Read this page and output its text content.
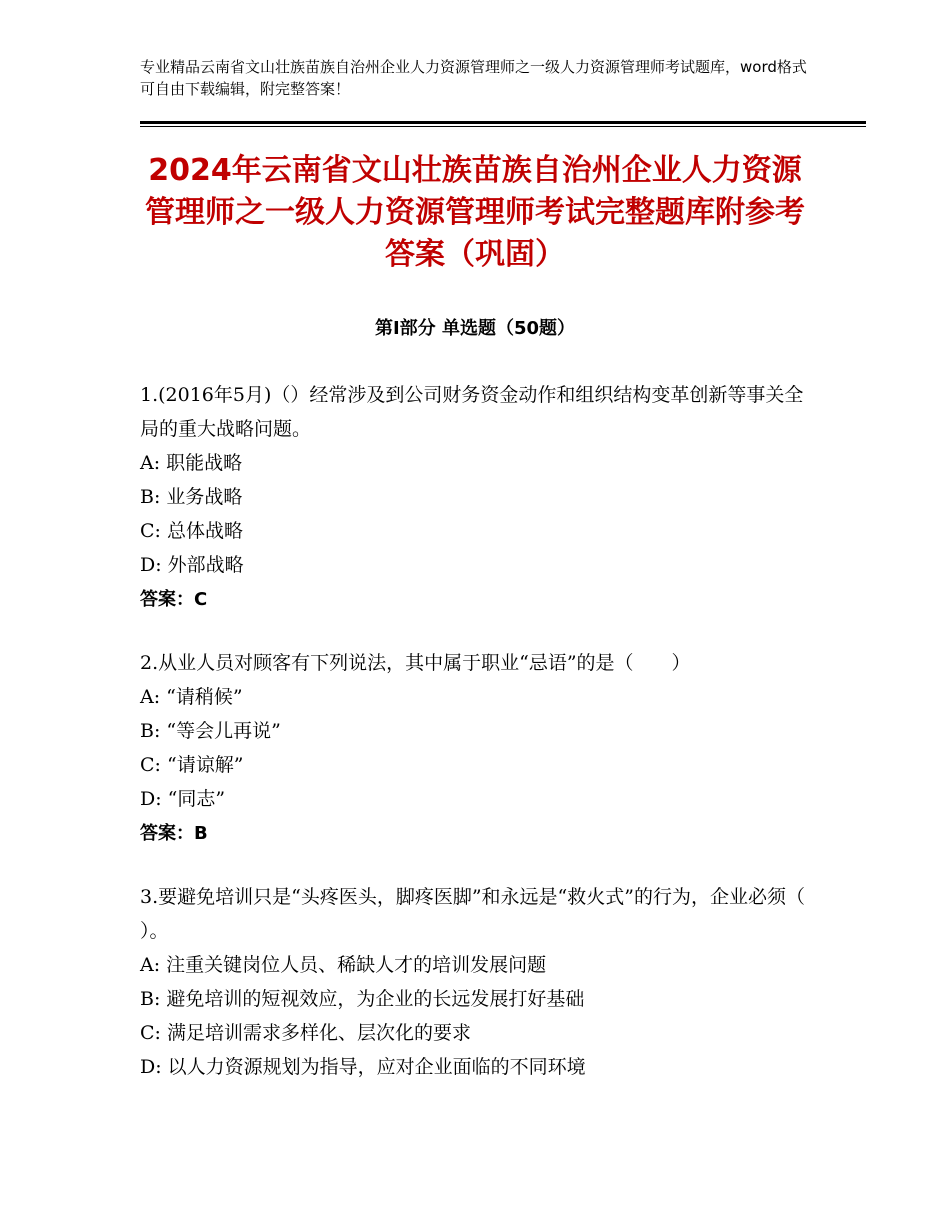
专业精品云南省文山壮族苗族自治州企业人力资源管理师之一级人力资源管理师考试题库，word格式可自由下载编辑，附完整答案！
2024年云南省文山壮族苗族自治州企业人力资源管理师之一级人力资源管理师考试完整题库附参考答案（巩固）
第Ⅰ部分 单选题（50题）

1.(2016年5月)（）经常涉及到公司财务资金动作和组织结构变革创新等事关全局的重大战略问题。

A: 职能战略

B: 业务战略

C: 总体战略

D: 外部战略

答案：C

2.从业人员对顾客有下列说法，其中属于职业“忌语”的是（　　）

A: “请稍候”

B: “等会儿再说”

C: “请谅解”

D: “同志”

答案：B

3.要避免培训只是“头疼医头，脚疼医脚”和永远是“救火式”的行为，企业必须（ ）。

A: 注重关键岗位人员、稀缺人才的培训发展问题

B: 避免培训的短视效应，为企业的长远发展打好基础

C: 满足培训需求多样化、层次化的要求

D: 以人力资源规划为指导，应对企业面临的不同环境
